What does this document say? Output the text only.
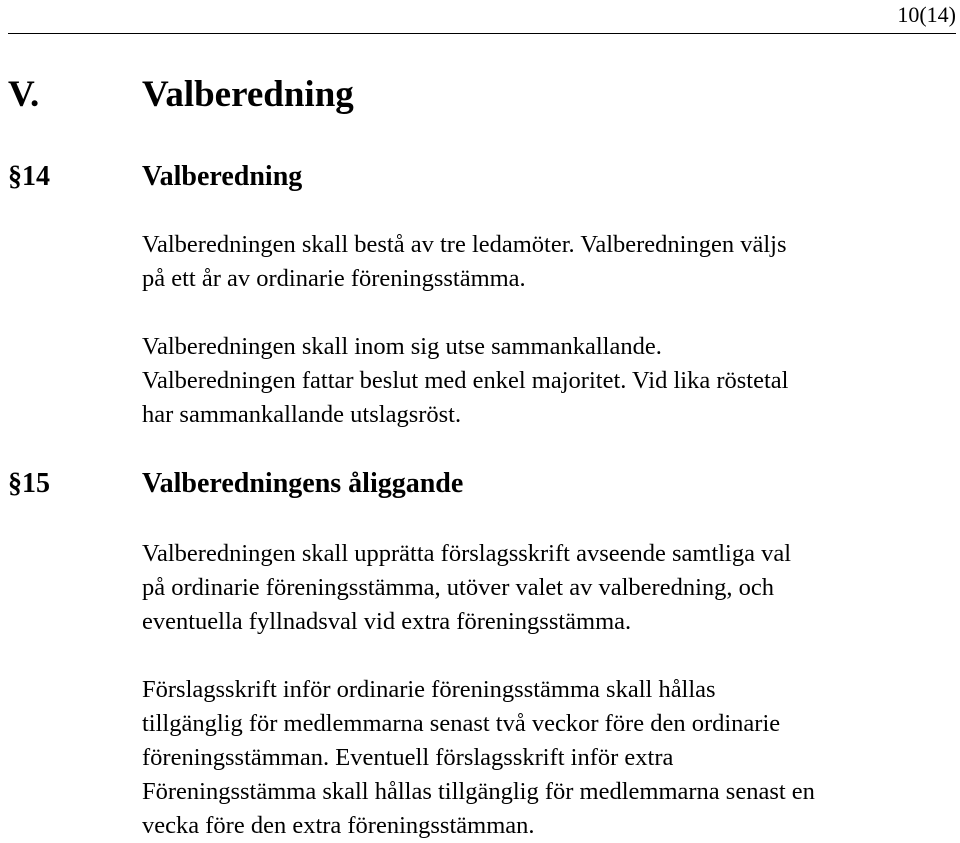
10(14)
V.	Valberedning
§14	Valberedning
Valberedningen skall bestå av tre ledamöter. Valberedningen väljs
på ett år av ordinarie föreningsstämma.
Valberedningen skall inom sig utse sammankallande.
Valberedningen fattar beslut med enkel majoritet. Vid lika röstetal
har sammankallande utslagsröst.
§15	Valberedningens åliggande
Valberedningen skall upprätta förslagsskrift avseende samtliga val
på ordinarie föreningsstämma, utöver valet av valberedning, och
eventuella fyllnadsval vid extra föreningsstämma.
Förslagsskrift inför ordinarie föreningsstämma skall hållas
tillgänglig för medlemmarna senast två veckor före den ordinarie
föreningsstämman. Eventuell förslagsskrift inför extra
Föreningsstämma skall hållas tillgänglig för medlemmarna senast en
vecka före den extra föreningsstämman.
